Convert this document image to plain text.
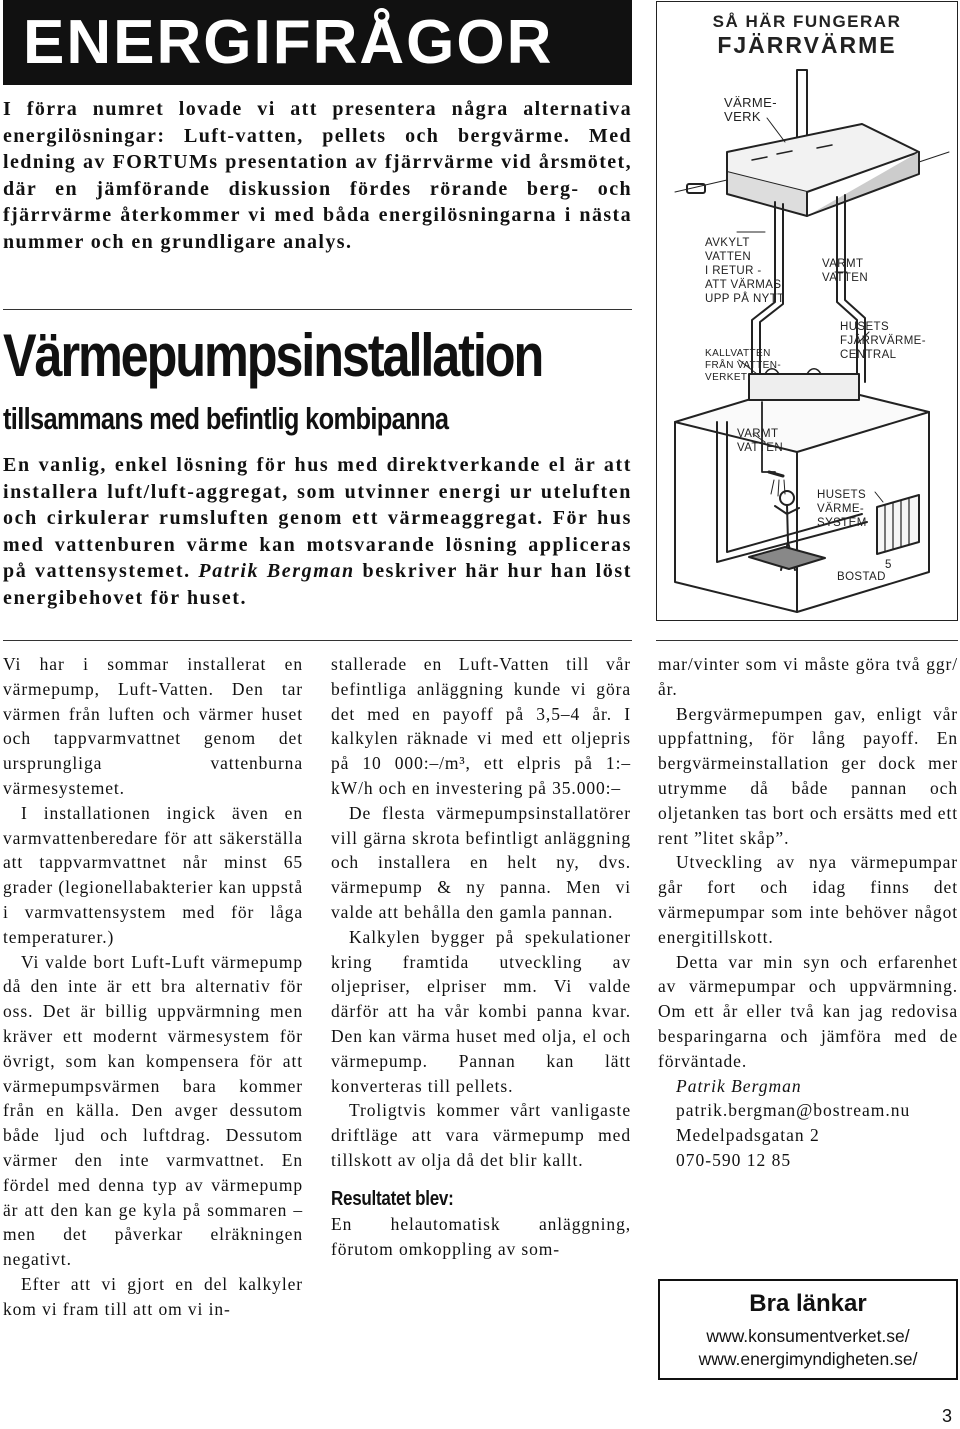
ENERGIFRÅGOR

I förra numret lovade vi att presentera några alternativa energilösningar: Luft-vatten, pellets och bergvärme. Med ledning av FORTUMs presentation av fjärrvärme vid årsmötet, där en jämförande diskussion fördes rörande berg- och fjärrvärme återkommer vi med båda energilösningarna i nästa nummer och en grundligare analys.

Värmepumpsinstallation
tillsammans med befintlig kombipanna

En vanlig, enkel lösning för hus med direktverkande el är att installera luft/luft-aggregat, som utvinner energi ur uteluften och cirkulerar rumsluften genom ett värmeaggregat. För hus med vattenburen värme kan motsvarande lösning appliceras på vattensystemet. Patrik Bergman beskriver här hur han löst energibehovet för huset.

Vi har i sommar installerat en värmepump, Luft-Vatten. Den tar värmen från luften och värmer huset och tappvarmvattnet genom det ursprungliga vattenburna värmesystemet.

I installationen ingick även en varmvattenberedare för att säkerställa att tappvarmvattnet når minst 65 grader (legionellabakterier kan uppstå i varmvattensystem med för låga temperaturer.)

Vi valde bort Luft-Luft värmepump då den inte är ett bra alternativ för oss. Det är billig uppvärmning men kräver ett modernt värmesystem för övrigt, som kan kompensera för att värmepumpsvärmen bara kommer från en källa. Den avger dessutom både ljud och luftdrag. Dessutom värmer den inte varmvattnet. En fördel med denna typ av värmepump är att den kan ge kyla på sommaren – men det påverkar elräkningen negativt.

Efter att vi gjort en del kalkyler kom vi fram till att om vi in-

stallerade en Luft-Vatten till vår befintliga anläggning kunde vi göra det med en payoff på 3,5–4 år. I kalkylen räknade vi med ett oljepris på 10 000:–/m³, ett elpris på 1:– kW/h och en investering på 35.000:–

De flesta värmepumpsinstallatörer vill gärna skrota befintligt anläggning och installera en helt ny, dvs. värmepump & ny panna. Men vi valde att behålla den gamla pannan.

Kalkylen bygger på spekulationer kring framtida utveckling av oljepriser, elpriser mm. Vi valde därför att ha vår kombi panna kvar. Den kan värma huset med olja, el och värmepump. Pannan kan lätt konverteras till pellets.

Troligtvis kommer vårt vanligaste driftläge att vara värmepump med tillskott av olja då det blir kallt.

Resultatet blev:

En helautomatisk anläggning, förutom omkoppling av som-

mar/vinter som vi måste göra två ggr/år.

Bergvärmepumpen gav, enligt vår uppfattning, för lång payoff. En bergvärmeinstallation ger dock mer utrymme då både pannan och oljetanken tas bort och ersätts med ett rent ”litet skåp”.

Utveckling av nya värmepumpar går fort och idag finns det värmepumpar som inte behöver något energitillskott.

Detta var min syn och erfarenhet av värmepumpar och uppvärmning. Om ett år eller två kan jag redovisa besparingarna och jämföra med de förväntade.

Patrik Bergman

patrik.bergman@bostream.nu

Medelpadsgatan 2

070-590 12 85

SÅ HÄR FUNGERAR

FJÄRRVÄRME

VÄRME-
VERK
AVKYLT
VATTEN
I RETUR -
ATT VÄRMAS
UPP PÅ NYTT
VARMT
VATTEN
HUSETS
FJÄRRVÄRME-
CENTRAL
KALLVATTEN
FRÅN VATTEN-
VERKET
VARMT
VATTEN
HUSETS
VÄRME-
SYSTEM
BOSTAD
5

Bra länkar

www.konsumentverket.se/

www.energimyndigheten.se/

3
